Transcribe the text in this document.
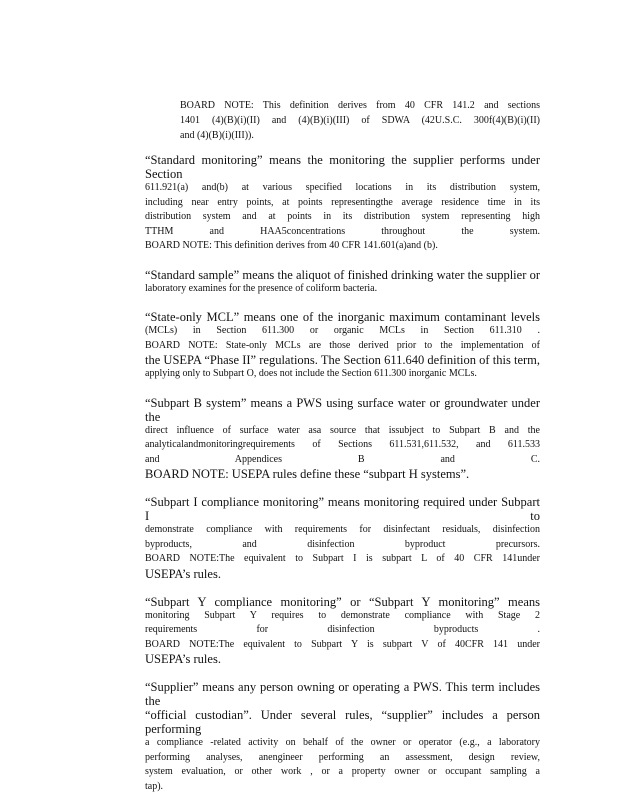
BOARD NOTE: This definition derives from 40 CFR 141.2 and sections
1401 (4)(B)(i)(II) and (4)(B)(i)(III) of SDWA (42U.S.C. 300f(4)(B)(i)(II)
and (4)(B)(i)(III)).

“Standard monitoring” means the monitoring the supplier performs under Section

611.921(a) and(b) at various specified locations in its distribution system,

including near entry points, at points representingthe average residence time in its

distribution system and at points in its distribution system representing high

TTHM and HAA5concentrations throughout the system.

BOARD NOTE: This definition derives from 40 CFR 141.601(a)and (b).

“Standard sample” means the aliquot of finished drinking water the supplier or

laboratory examines for the presence of coliform bacteria.

“State-only MCL” means one of the inorganic maximum contaminant levels

(MCLs) in Section 611.300 or organic MCLs in Section 611.310 .

BOARD NOTE: State-only MCLs are those derived prior to the implementation of

the USEPA “Phase II” regulations. The Section 611.640 definition of this term,

applying only to Subpart O, does not include the Section 611.300 inorganic MCLs.

“Subpart B system” means a PWS using surface water or groundwater under the

direct influence of surface water asa source that issubject to Subpart B and the

analyticalandmonitoringrequirements of Sections 611.531,611.532, and 611.533

and Appendices B and C.

BOARD NOTE: USEPA rules define these “subpart H systems”.

“Subpart I compliance monitoring” means monitoring required under Subpart I to

demonstrate compliance with requirements for disinfectant residuals, disinfection

byproducts, and disinfection byproduct precursors.

BOARD NOTE:The equivalent to Subpart I is subpart L of 40 CFR 141under

USEPA’s rules.

“Subpart Y compliance monitoring” or “Subpart Y monitoring” means

monitoring Subpart Y requires to demonstrate compliance with Stage 2

requirements for disinfection byproducts .

BOARD NOTE:The equivalent to Subpart Y is subpart V of 40CFR 141 under

USEPA’s rules.

“Supplier” means any person owning or operating a PWS. This term includes the

“official custodian”. Under several rules, “supplier” includes a person performing

a compliance -related activity on behalf of the owner or operator (e.g., a laboratory

performing analyses, anengineer performing an assessment, design review,

system evaluation, or other work , or a property owner or occupant sampling a

tap).
